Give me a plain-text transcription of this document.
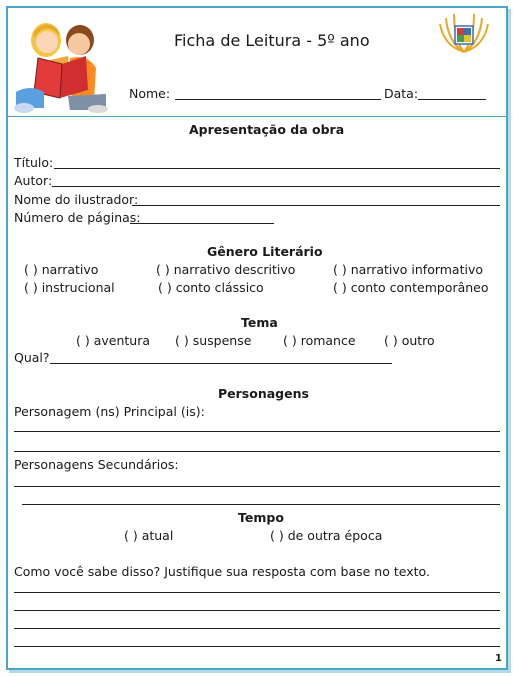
Ficha de Leitura - 5º ano
Nome:	Data:
Apresentação da obra
Título:
Autor:
Nome do ilustrador:
Número de páginas:
Gênero Literário
( ) narrativo	( ) narrativo descritivo	( ) narrativo informativo
( ) instrucional	( ) conto clássico	( ) conto contemporâneo
Tema
( ) aventura ( ) suspense	( ) romance ( ) outro
Qual?
Personagens
Personagem (ns) Principal (is):
Personagens Secundários:
Tempo
( ) atual	( ) de outra época
Como você sabe disso? Justifique sua resposta com base no texto.
1
